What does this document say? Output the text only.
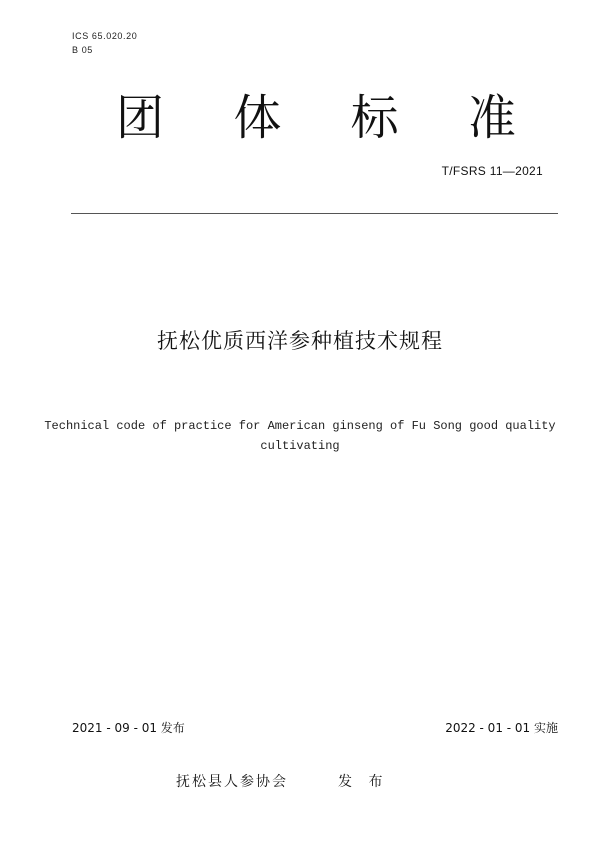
ICS 65.020.20
B 05
团 体 标 准
T/FSRS 11—2021
抚松优质西洋参种植技术规程
Technical code of practice for American ginseng of Fu Song good quality
cultivating
2021 - 09 - 01 发布	2022 - 01 - 01 实施
抚松县人参协会	发 布
